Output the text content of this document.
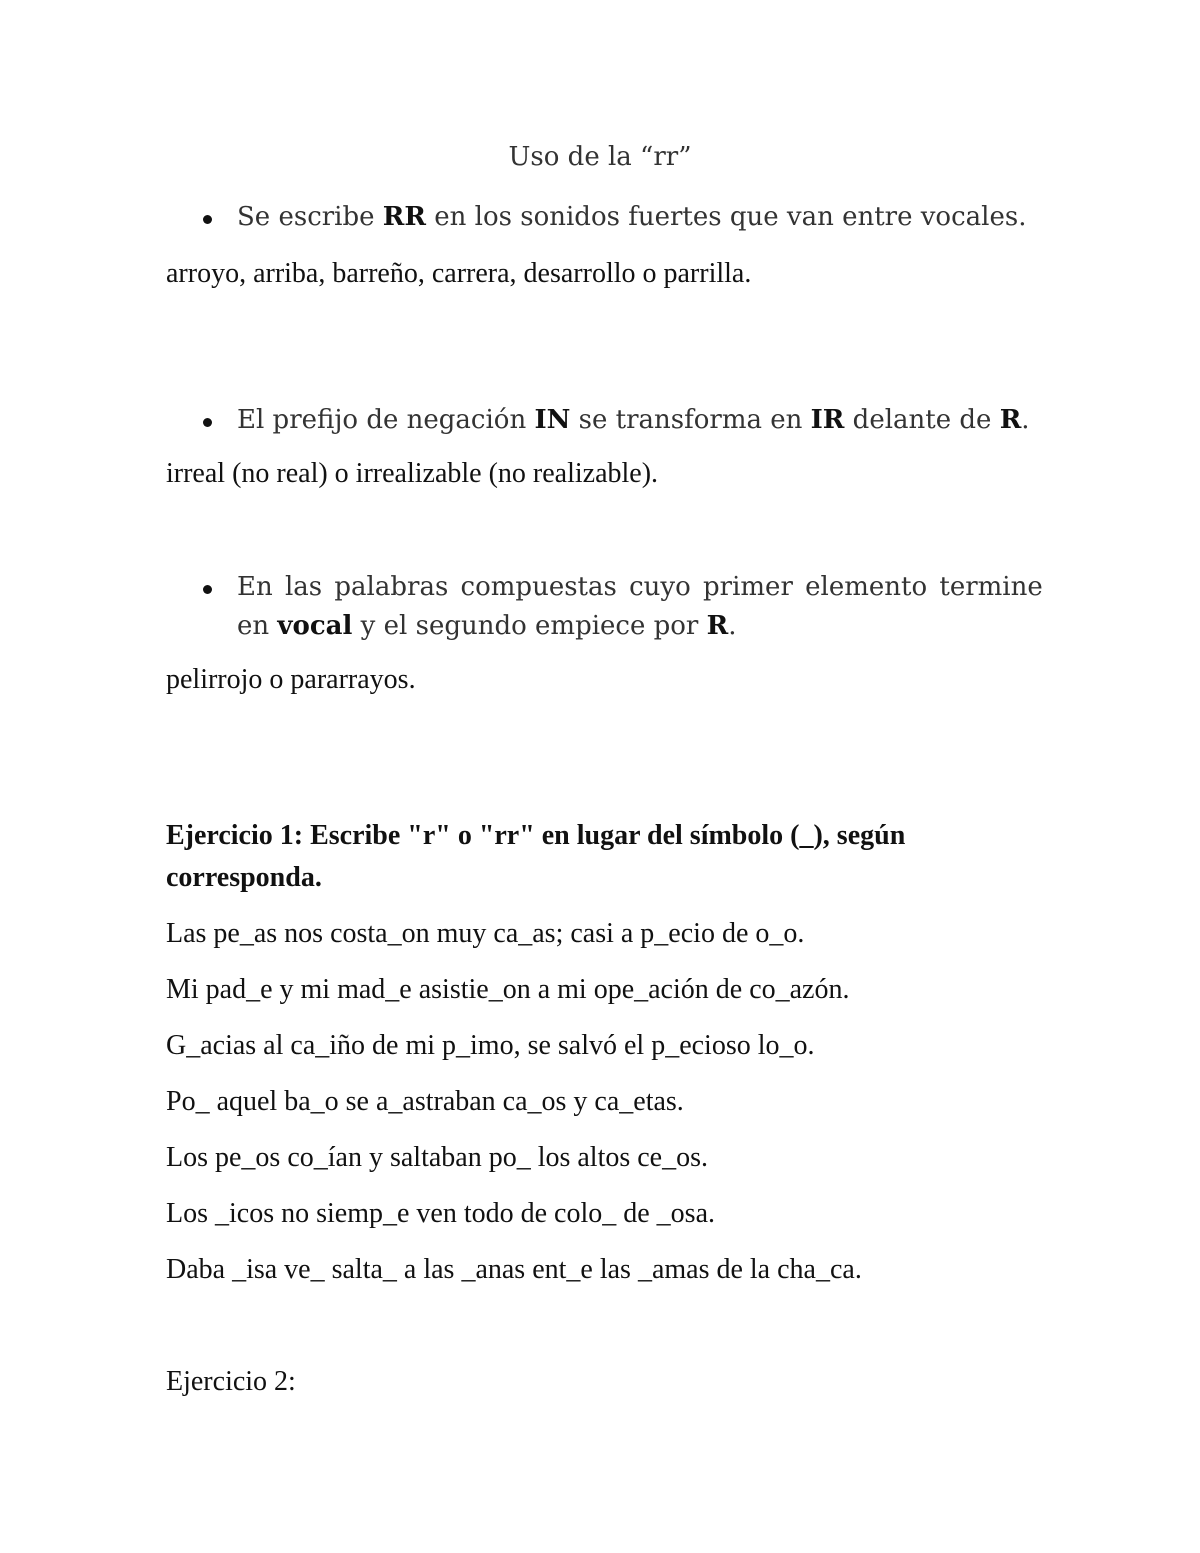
Uso de la “rr”
Se escribe RR en los sonidos fuertes que van entre vocales.
arroyo, arriba, barreño, carrera, desarrollo o parrilla.
El prefijo de negación IN se transforma en IR delante de R.
irreal (no real) o irrealizable (no realizable).
En las palabras compuestas cuyo primer elemento termine
en vocal y el segundo empiece por R.
pelirrojo o pararrayos.
Ejercicio 1: Escribe "r" o "rr" en lugar del símbolo (_), según
corresponda.
Las pe_as nos costa_on muy ca_as; casi a p_ecio de o_o.
Mi pad_e y mi mad_e asistie_on a mi ope_ación de co_azón.
G_acias al ca_iño de mi p_imo, se salvó el p_ecioso lo_o.
Po_ aquel ba_o se a_astraban ca_os y ca_etas.
Los pe_os co_ían y saltaban po_ los altos ce_os.
Los _icos no siemp_e ven todo de colo_ de _osa.
Daba _isa ve_ salta_ a las _anas ent_e las _amas de la cha_ca.
Ejercicio 2:
